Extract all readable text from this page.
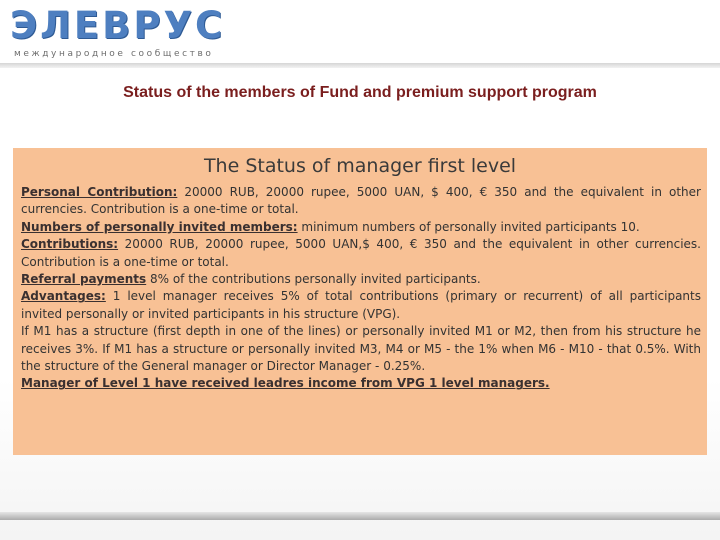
ЭЛЕВРУС
международное сообщество
Status of the members of Fund and premium support program
The Status of manager first level

Personal Contribution: 20000 RUB, 20000 rupee, 5000 UAN, $ 400, € 350 and the equivalent in other currencies. Contribution is a one-time or total.

Numbers of personally invited members: minimum numbers of personally invited participants 10.

Contributions: 20000 RUB, 20000 rupee, 5000 UAN,$ 400, € 350 and the equivalent in other currencies. Contribution is a one-time or total.

Referral payments 8% of the contributions personally invited participants.

Advantages: 1 level manager receives 5% of total contributions (primary or recurrent) of all participants invited personally or invited participants in his structure (VPG).

If M1 has a structure (first depth in one of the lines) or personally invited M1 or M2, then from his structure he receives 3%. If M1 has a structure or personally invited M3, M4 or M5 - the 1% when M6 - M10 - that 0.5%. With the structure of the General manager or Director Manager - 0.25%.

Manager of Level 1 have received leadres income from VPG 1 level managers.
